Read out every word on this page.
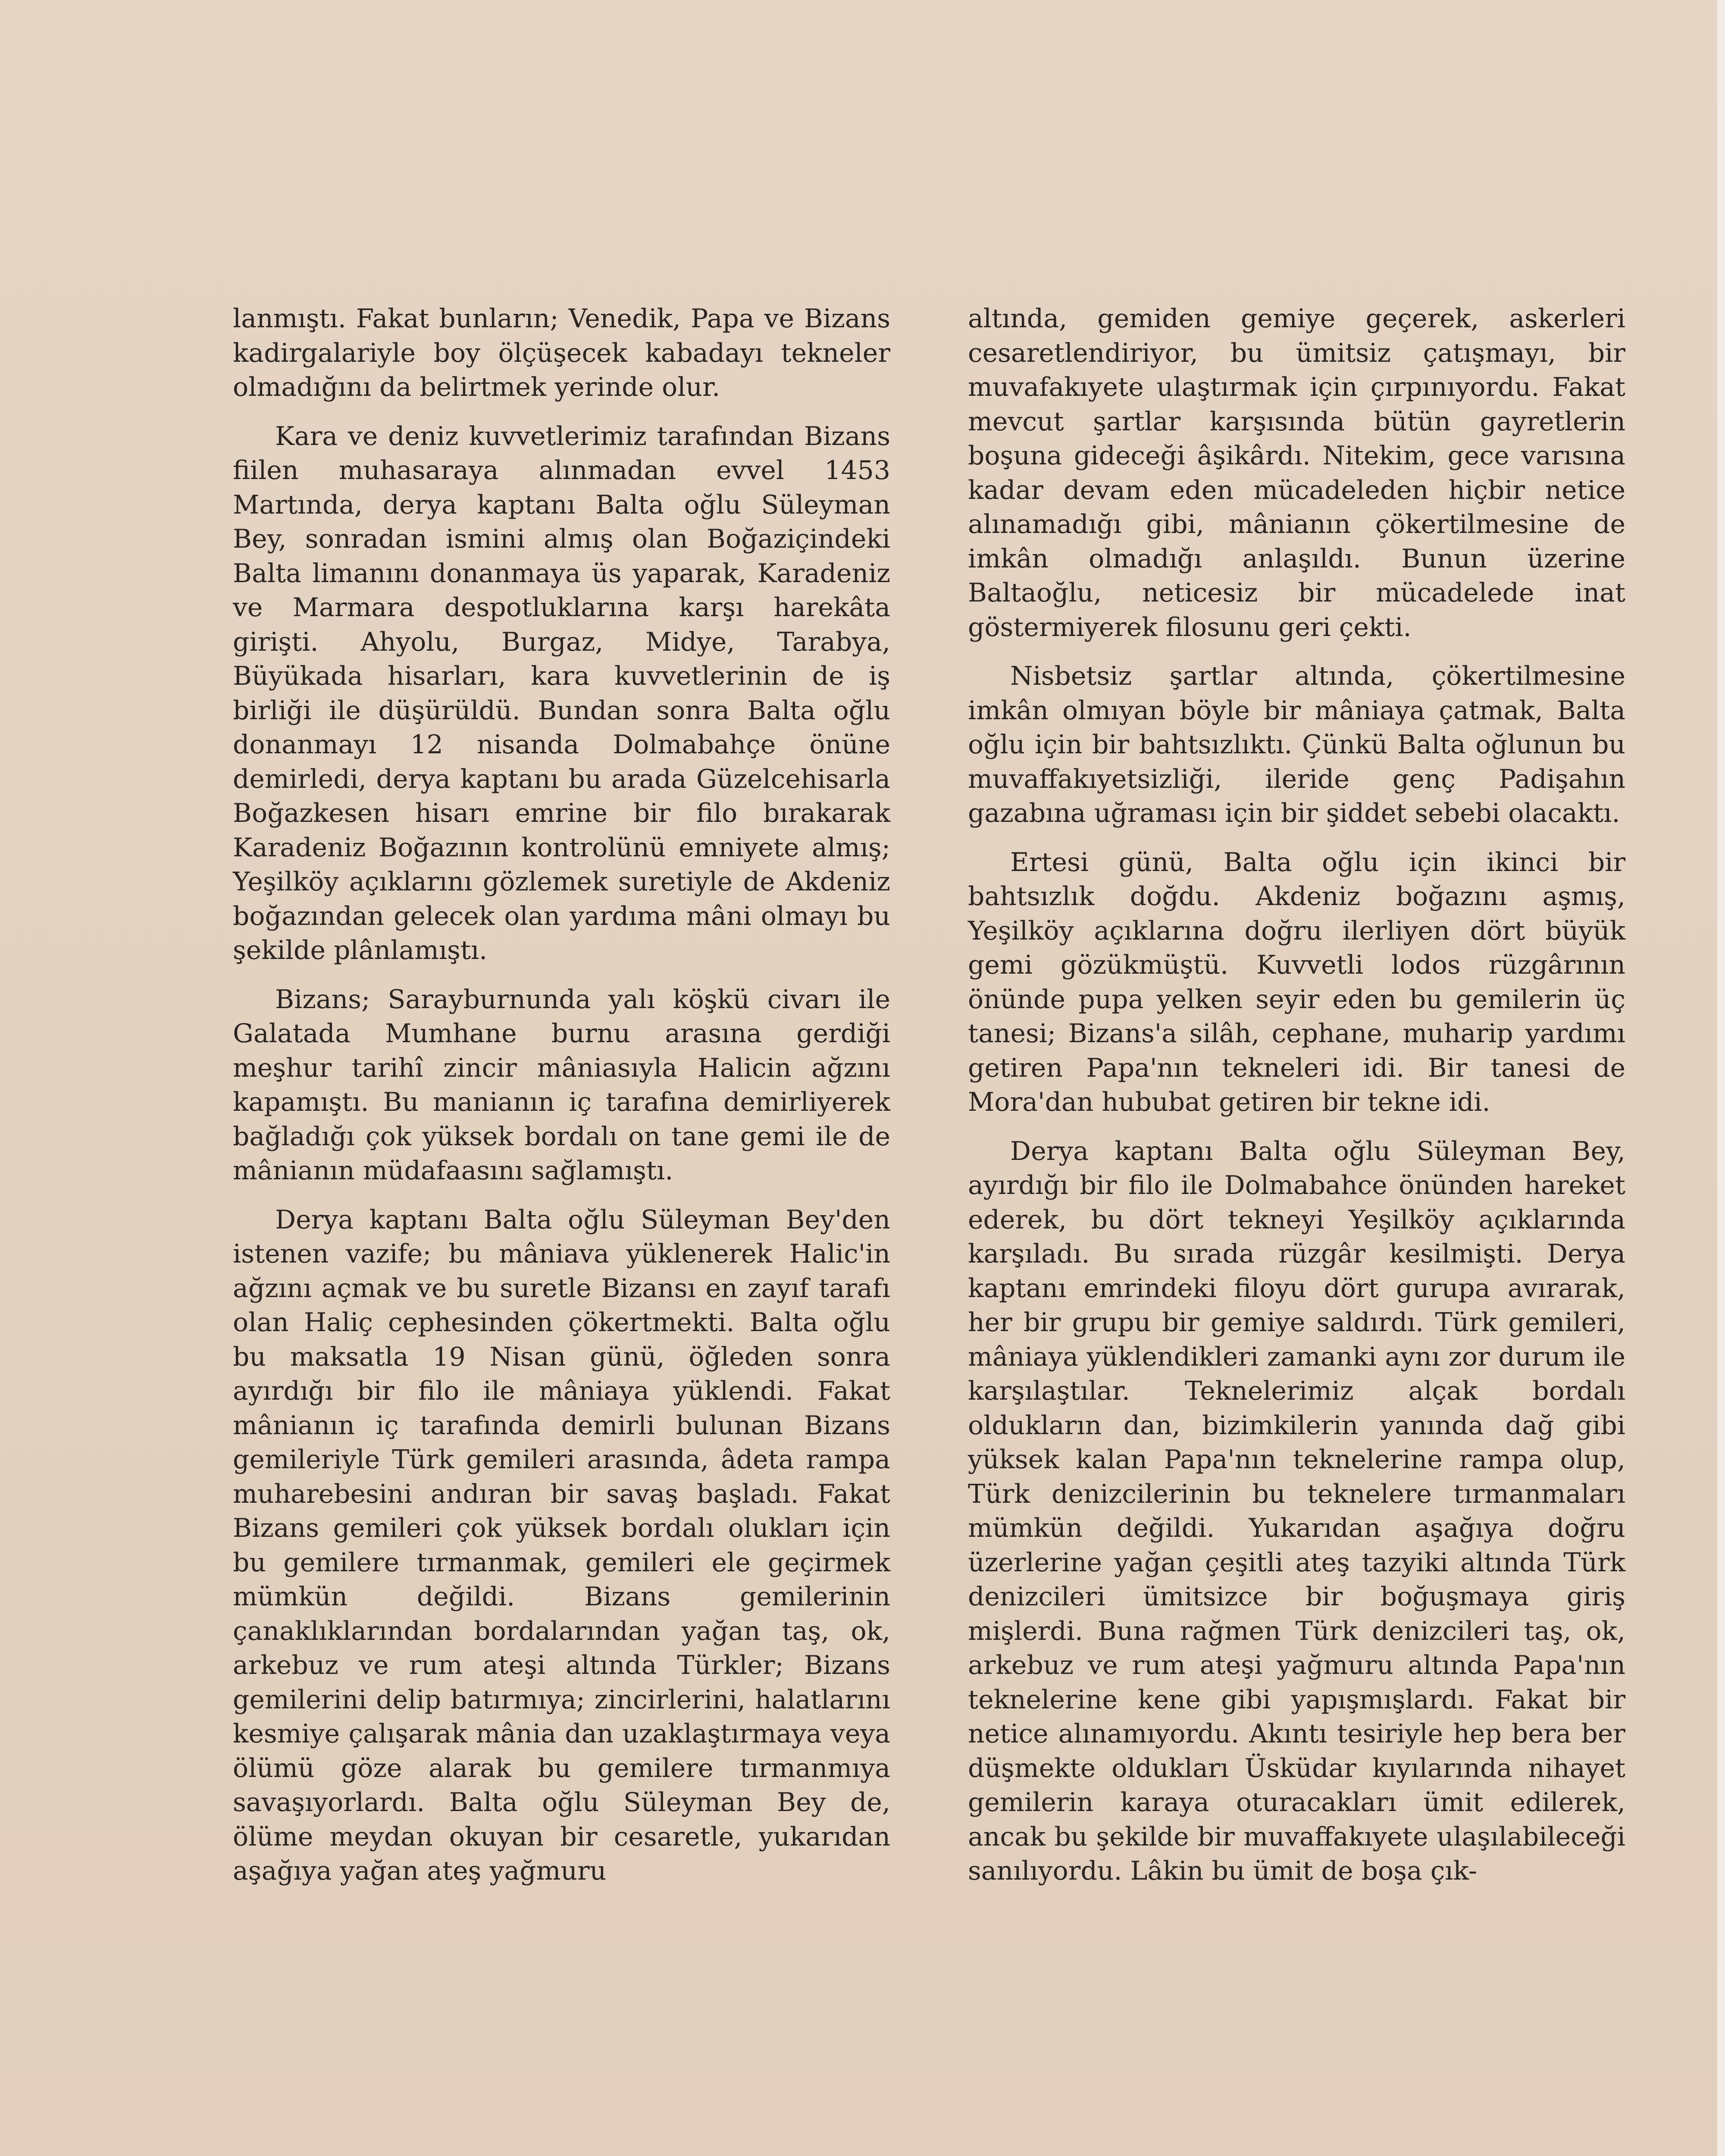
lanmıştı. Fakat bunların; Venedik, Papa ve Bizans kadirgalariyle boy ölçüşecek kabadayı tekneler olmadığını da belirtmek yerinde olur.

Kara ve deniz kuvvetlerimiz tarafından Bizans fiilen muhasaraya alınmadan evvel 1453 Martında, derya kaptanı Balta oğlu Süleyman Bey, sonradan ismini almış olan Boğaziçindeki Balta limanını donanmaya üs yaparak, Karadeniz ve Marmara despotluklarına karşı harekâta girişti. Ahyolu, Burgaz, Midye, Tarabya, Büyükada hisarları, kara kuvvetlerinin de iş birliği ile düşürüldü. Bundan sonra Balta oğlu donanmayı 12 nisanda Dolmabahçe önüne demirledi, derya kaptanı bu arada Güzelcehisarla Boğazkesen hisarı emrine bir filo bırakarak Karadeniz Boğazının kontrolünü emniyete almış; Yeşilköy açıklarını gözlemek suretiyle de Akdeniz boğazından gelecek olan yardıma mâni olmayı bu şekilde plânlamıştı.

Bizans; Sarayburnunda yalı köşkü civarı ile Galatada Mumhane burnu arasına gerdiği meşhur tarihî zincir mâniasıyla Halicin ağzını kapamıştı. Bu manianın iç tarafına demirliyerek bağladığı çok yüksek bordalı on tane gemi ile de mânianın müdafaasını sağlamıştı.

Derya kaptanı Balta oğlu Süleyman Bey'den istenen vazife; bu mâniava yüklenerek Halic'in ağzını açmak ve bu suretle Bizansı en zayıf tarafı olan Haliç cephesinden çökertmekti. Balta oğlu bu maksatla 19 Nisan günü, öğleden sonra ayırdığı bir filo ile mâniaya yüklendi. Fakat mânianın iç tarafında demirli bulunan Bizans gemileriyle Türk gemileri arasında, âdeta rampa muharebesini andıran bir savaş başladı. Fakat Bizans gemileri çok yüksek bordalı olukları için bu gemilere tırmanmak, gemileri ele geçirmek mümkün değildi. Bizans gemilerinin çanaklıklarından bordalarından yağan taş, ok, arkebuz ve rum ateşi altında Türkler; Bizans gemilerini delip batırmıya; zincirlerini, halatlarını kesmiye çalışarak mânia dan uzaklaştırmaya veya ölümü göze alarak bu gemilere tırmanmıya savaşıyorlardı. Balta oğlu Süleyman Bey de, ölüme meydan okuyan bir cesaretle, yukarıdan aşağıya yağan ateş yağmuru

altında, gemiden gemiye geçerek, askerleri cesaretlendiriyor, bu ümitsiz çatışmayı, bir muvafakıyete ulaştırmak için çırpınıyordu. Fakat mevcut şartlar karşısında bütün gayretlerin boşuna gideceği âşikârdı. Nitekim, gece varısına kadar devam eden mücadeleden hiçbir netice alınamadığı gibi, mânianın çökertilmesine de imkân olmadığı anlaşıldı. Bunun üzerine Baltaoğlu, neticesiz bir mücadelede inat göstermiyerek filosunu geri çekti.

Nisbetsiz şartlar altında, çökertilmesine imkân olmıyan böyle bir mâniaya çatmak, Balta oğlu için bir bahtsızlıktı. Çünkü Balta oğlunun bu muvaffakıyetsizliği, ileride genç Padişahın gazabına uğraması için bir şiddet sebebi olacaktı.

Ertesi günü, Balta oğlu için ikinci bir bahtsızlık doğdu. Akdeniz boğazını aşmış, Yeşilköy açıklarına doğru ilerliyen dört büyük gemi gözükmüştü. Kuvvetli lodos rüzgârının önünde pupa yelken seyir eden bu gemilerin üç tanesi; Bizans'a silâh, cephane, muharip yardımı getiren Papa'nın tekneleri idi. Bir tanesi de Mora'dan hububat getiren bir tekne idi.

Derya kaptanı Balta oğlu Süleyman Bey, ayırdığı bir filo ile Dolmabahce önünden hareket ederek, bu dört tekneyi Yeşilköy açıklarında karşıladı. Bu sırada rüzgâr kesilmişti. Derya kaptanı emrindeki filoyu dört gurupa avırarak, her bir grupu bir gemiye saldırdı. Türk gemileri, mâniaya yüklendikleri zamanki aynı zor durum ile karşılaştılar. Teknelerimiz alçak bordalı oldukların dan, bizimkilerin yanında dağ gibi yüksek kalan Papa'nın teknelerine rampa olup, Türk denizcilerinin bu teknelere tırmanmaları mümkün değildi. Yukarıdan aşağıya doğru üzerlerine yağan çeşitli ateş tazyiki altında Türk denizcileri ümitsizce bir boğuşmaya giriş mişlerdi. Buna rağmen Türk denizcileri taş, ok, arkebuz ve rum ateşi yağmuru altında Papa'nın teknelerine kene gibi yapışmışlardı. Fakat bir netice alınamıyordu. Akıntı tesiriyle hep bera ber düşmekte oldukları Üsküdar kıyılarında nihayet gemilerin karaya oturacakları ümit edilerek, ancak bu şekilde bir muvaffakıyete ulaşılabileceği sanılıyordu. Lâkin bu ümit de boşa çık-
